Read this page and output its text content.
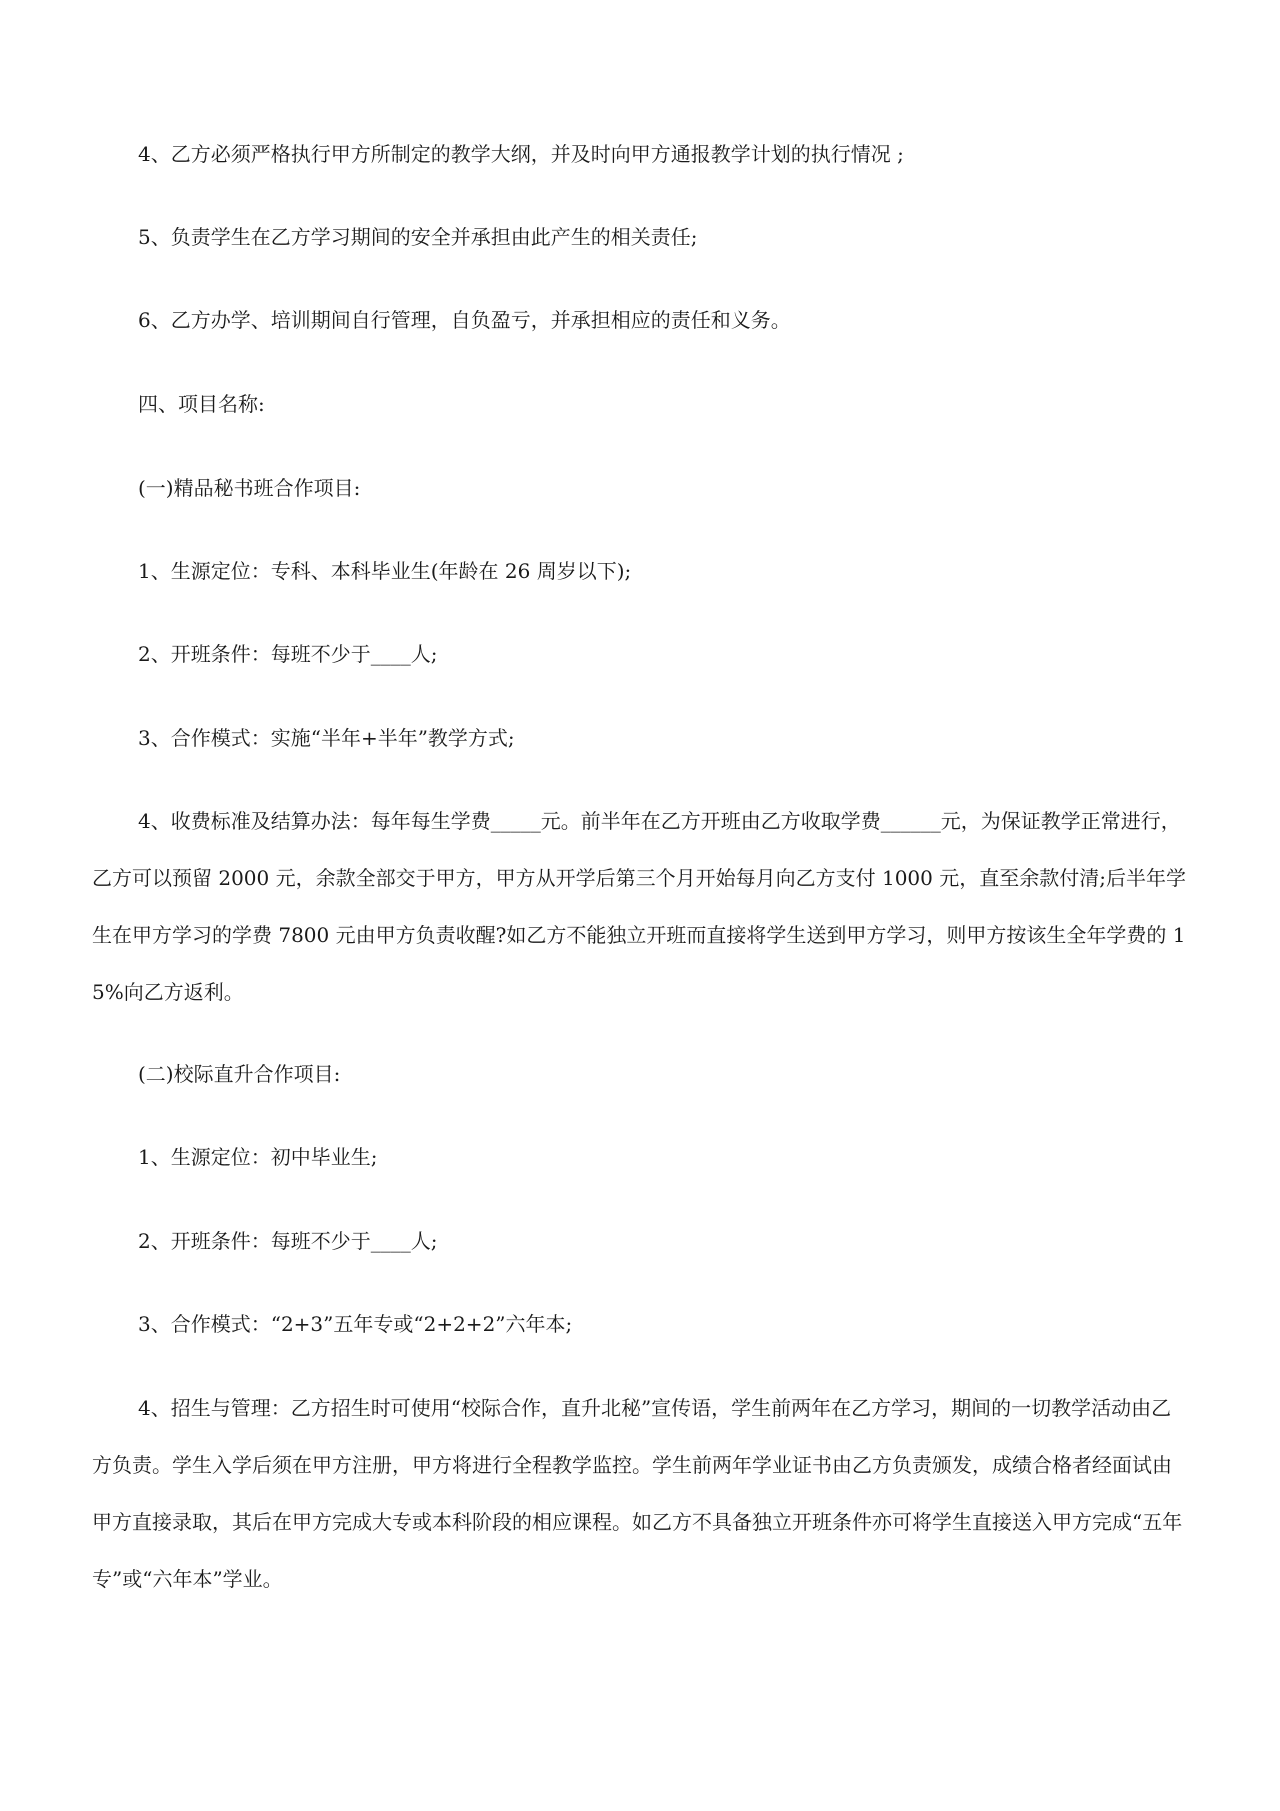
4、乙方必须严格执行甲方所制定的教学大纲，并及时向甲方通报教学计划的执行情况 ;

5、负责学生在乙方学习期间的安全并承担由此产生的相关责任;

6、乙方办学、培训期间自行管理，自负盈亏，并承担相应的责任和义务。

四、项目名称:

(一)精品秘书班合作项目:

1、生源定位：专科、本科毕业生(年龄在 26 周岁以下);

2、开班条件：每班不少于____人;

3、合作模式：实施“半年+半年”教学方式;

4、收费标准及结算办法：每年每生学费_____元。前半年在乙方开班由乙方收取学费______元，为保证教学正常进行，乙方可以预留 2000 元，余款全部交于甲方，甲方从开学后第三个月开始每月向乙方支付 1000 元，直至余款付清;后半年学生在甲方学习的学费 7800 元由甲方负责收醒?如乙方不能独立开班而直接将学生送到甲方学习，则甲方按该生全年学费的 15%向乙方返利。

(二)校际直升合作项目:

1、生源定位：初中毕业生;

2、开班条件：每班不少于____人;

3、合作模式：“2+3”五年专或“2+2+2”六年本;

4、招生与管理：乙方招生时可使用“校际合作，直升北秘”宣传语，学生前两年在乙方学习，期间的一切教学活动由乙方负责。学生入学后须在甲方注册，甲方将进行全程教学监控。学生前两年学业证书由乙方负责颁发，成绩合格者经面试由甲方直接录取，其后在甲方完成大专或本科阶段的相应课程。如乙方不具备独立开班条件亦可将学生直接送入甲方完成“五年专”或“六年本”学业。
